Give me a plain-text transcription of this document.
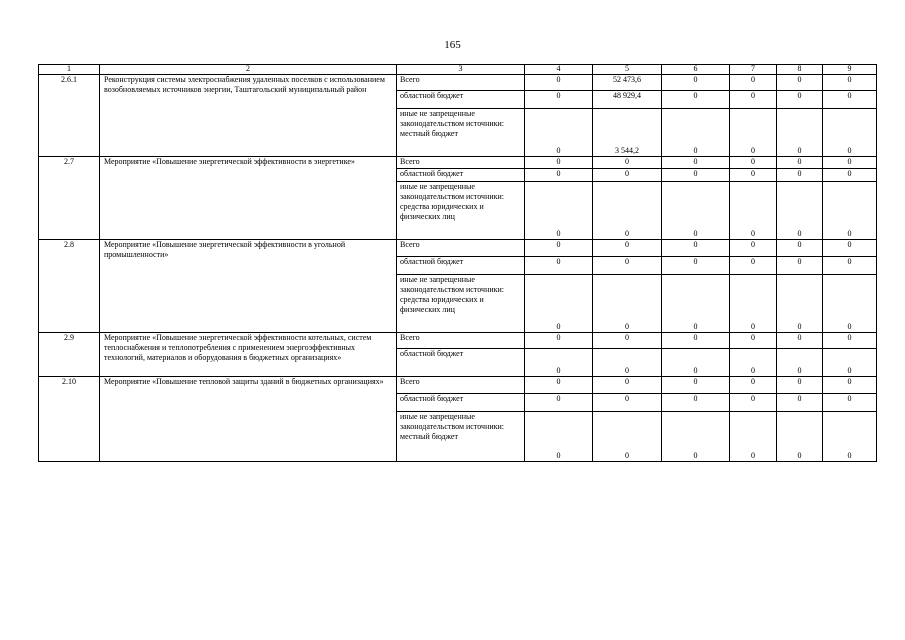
165
1	2	3	4	5	6	7	8	9
2.6.1	Реконструкция системы электроснабжения удаленных поселков с использованием возобновляемых источников энергии, Таштагольский муниципальный район	Всего	0	52 473,6	0	0	0	0
		областной бюджет	0	48 929,4	0	0	0	0
		иные не запрещенные законодательством источники: местный бюджет	0	3 544,2	0	0	0	0
2.7	Мероприятие «Повышение энергетической эффективности в энергетике»	Всего	0	0	0	0	0	0
		областной бюджет	0	0	0	0	0	0
		иные не запрещенные законодательством источники: средства юридических и физических лиц	0	0	0	0	0	0
2.8	Мероприятие «Повышение энергетической эффективности в угольной промышленности»	Всего	0	0	0	0	0	0
		областной бюджет	0	0	0	0	0	0
		иные не запрещенные законодательством источники: средства юридических и физических лиц	0	0	0	0	0	0
2.9	Мероприятие «Повышение энергетической эффективности котельных, систем теплоснабжения и теплопотребления с применением энергоэффективных технологий, материалов и оборудования в бюджетных организациях»	Всего	0	0	0	0	0	0
		областной бюджет	0	0	0	0	0	0
2.10	Мероприятие «Повышение тепловой защиты зданий в бюджетных организациях»	Всего	0	0	0	0	0	0
		областной бюджет	0	0	0	0	0	0
		иные не запрещенные законодательством источники: местный бюджет	0	0	0	0	0	0
